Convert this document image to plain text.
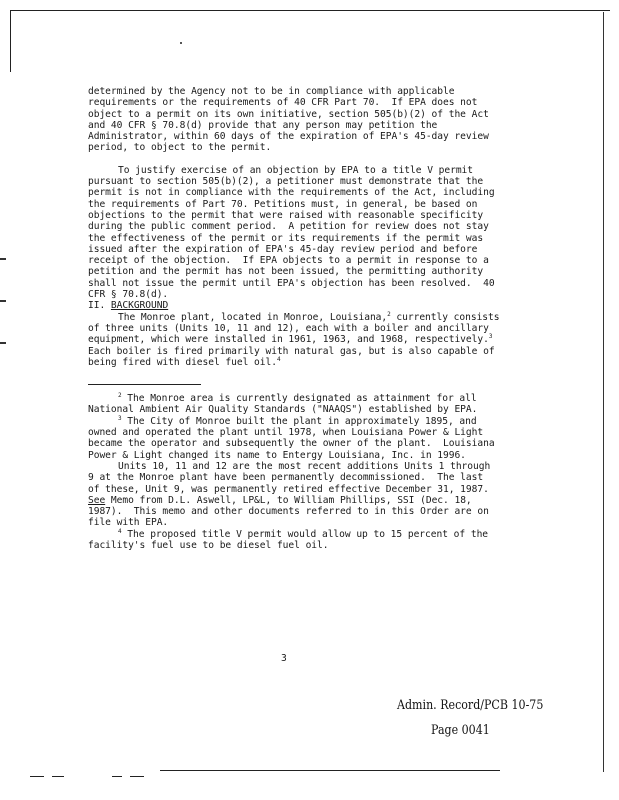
determined by the Agency not to be in compliance with applicable requirements or the requirements of 40 CFR Part 70.  If EPA does not object to a permit on its own initiative, section 505(b)(2) of the Act and 40 CFR § 70.8(d) provide that any person may petition the Administrator, within 60 days of the expiration of EPA's 45-day review period, to object to the permit.

To justify exercise of an objection by EPA to a title V permit pursuant to section 505(b)(2), a petitioner must demonstrate that the permit is not in compliance with the requirements of the Act, including the requirements of Part 70. Petitions must, in general, be based on objections to the permit that were raised with reasonable specificity during the public comment period.  A petition for review does not stay the effectiveness of the permit or its requirements if the permit was issued after the expiration of EPA's 45-day review period and before receipt of the objection.  If EPA objects to a permit in response to a petition and the permit has not been issued, the permitting authority shall not issue the permit until EPA's objection has been resolved.  40 CFR § 70.8(d).

II. BACKGROUND

The Monroe plant, located in Monroe, Louisiana,$^2$ currently consists of three units (Units 10, 11 and 12), each with a boiler and ancillary equipment, which were installed in 1961, 1963, and 1968, respectively.$^3$  Each boiler is fired primarily with natural gas, but is also capable of being fired with diesel fuel oil.$^4$

$^2$ The Monroe area is currently designated as attainment for all National Ambient Air Quality Standards ("NAAQS") established by EPA.

$^3$ The City of Monroe built the plant in approximately 1895, and owned and operated the plant until 1978, when Louisiana Power & Light became the operator and subsequently the owner of the plant.  Louisiana Power & Light changed its name to Entergy Louisiana, Inc. in 1996.

Units 10, 11 and 12 are the most recent additions Units 1 through 9 at the Monroe plant have been permanently decommissioned.  The last of these, Unit 9, was permanently retired effective December 31, 1987.  See Memo from D.L. Aswell, LP&L, to William Phillips, SSI (Dec. 18, 1987).  This memo and other documents referred to in this Order are on file with EPA.

$^4$ The proposed title V permit would allow up to 15 percent of the facility's fuel use to be diesel fuel oil.

3
Admin. Record/PCB 10-75
Page 0041
